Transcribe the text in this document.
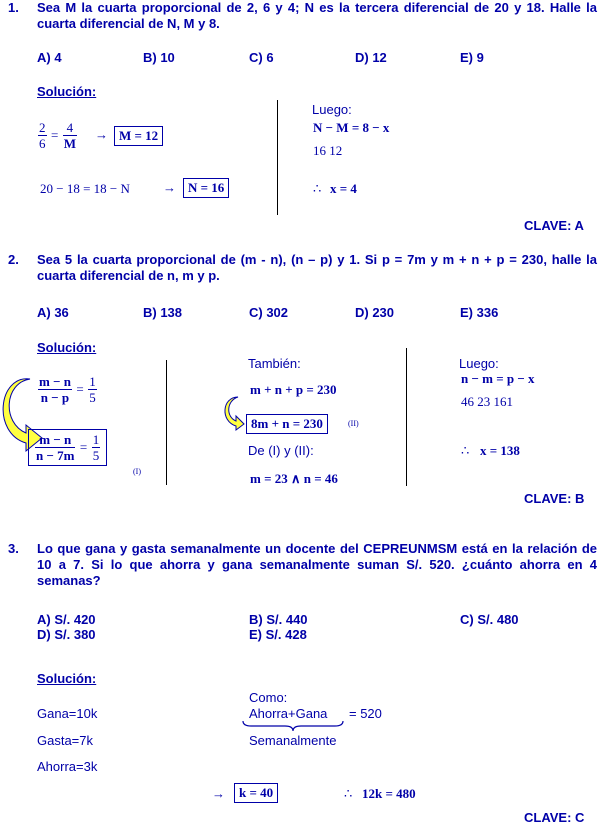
1. Sea M la cuarta proporcional de 2, 6 y 4; N es la tercera diferencial de 20 y 18. Halle la cuarta diferencial de N, M y 8.
A) 4	B) 10	C) 6	D) 12	E) 9
Solución:
$\frac{2}{6} = \frac{4}{M} \to M = 12$
20 − 18 = 18 − N	→ N = 16
Luego:
N − M = 8 − x
16 12
∴ x = 4
CLAVE: A
2. Sea 5 la cuarta proporcional de (m - n), (n – p) y 1. Si p = 7m y m + n + p = 230, halle la cuarta diferencial de n, m y p.
A) 36	B) 138	C) 302	D) 230	E) 336
Solución:
$\frac{m - n}{n - p} = \frac{1}{5}$
$\frac{m - n}{n - 7m} = \frac{1}{5}$
(I)
También:
m + n + p = 230
8m + n = 230	(II)
De (I) y (II):
m = 23 ∧ n = 46
Luego:
n − m = p − x
46 23 161
∴ x = 138
CLAVE: B
3. Lo que gana y gasta semanalmente un docente del CEPREUNMSM está en la relación de 10 a 7. Si lo que ahorra y gana semanalmente suman S/. 520. ¿cuánto ahorra en 4 semanas?
A) S/. 420	B) S/. 440	C) S/. 480
D) S/. 380	E) S/. 428
Solución:
Gana=10k
Gasta=7k
Ahorra=3k
Como:
Ahorra+Gana = 520
Semanalmente
→	k = 40	∴ 12k = 480
CLAVE: C
